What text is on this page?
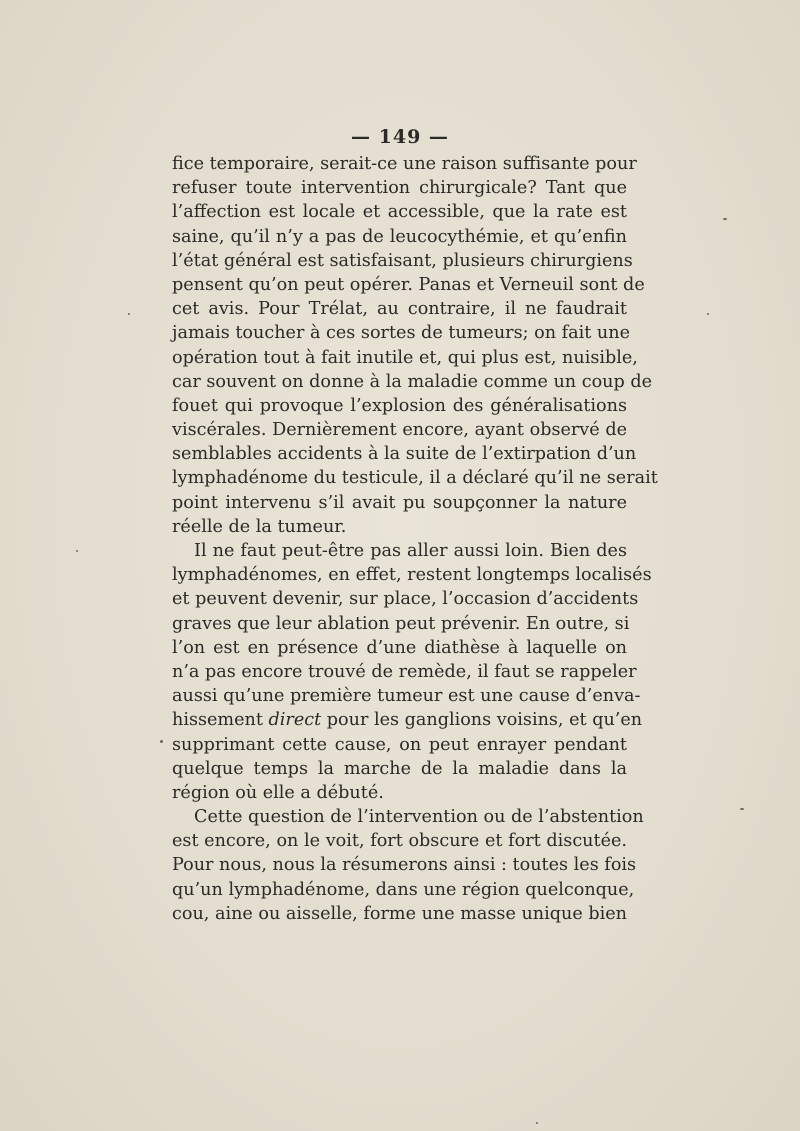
— 149 —
fice temporaire, serait-ce une raison suffisante pour
refuser toute intervention chirurgicale? Tant que
l’affection est locale et accessible, que la rate est
saine, qu’il n’y a pas de leucocythémie, et qu’enfin
l’état général est satisfaisant, plusieurs chirurgiens
pensent qu’on peut opérer. Panas et Verneuil sont de
cet avis. Pour Trélat, au contraire, il ne faudrait
jamais toucher à ces sortes de tumeurs; on fait une
opération tout à fait inutile et, qui plus est, nuisible,
car souvent on donne à la maladie comme un coup de
fouet qui provoque l’explosion des généralisations
viscérales. Dernièrement encore, ayant observé de
semblables accidents à la suite de l’extirpation d’un
lymphadénome du testicule, il a déclaré qu’il ne serait
point intervenu s’il avait pu soupçonner la nature
réelle de la tumeur.
Il ne faut peut-être pas aller aussi loin. Bien des
lymphadénomes, en effet, restent longtemps localisés
et peuvent devenir, sur place, l’occasion d’accidents
graves que leur ablation peut prévenir. En outre, si
l’on est en présence d’une diathèse à laquelle on
n’a pas encore trouvé de remède, il faut se rappeler
aussi qu’une première tumeur est une cause d’enva-
hissement direct pour les ganglions voisins, et qu’en
supprimant cette cause, on peut enrayer pendant
quelque temps la marche de la maladie dans la
région où elle a débuté.
Cette question de l’intervention ou de l’abstention
est encore, on le voit, fort obscure et fort discutée.
Pour nous, nous la résumerons ainsi : toutes les fois
qu’un lymphadénome, dans une région quelconque,
cou, aine ou aisselle, forme une masse unique bien
